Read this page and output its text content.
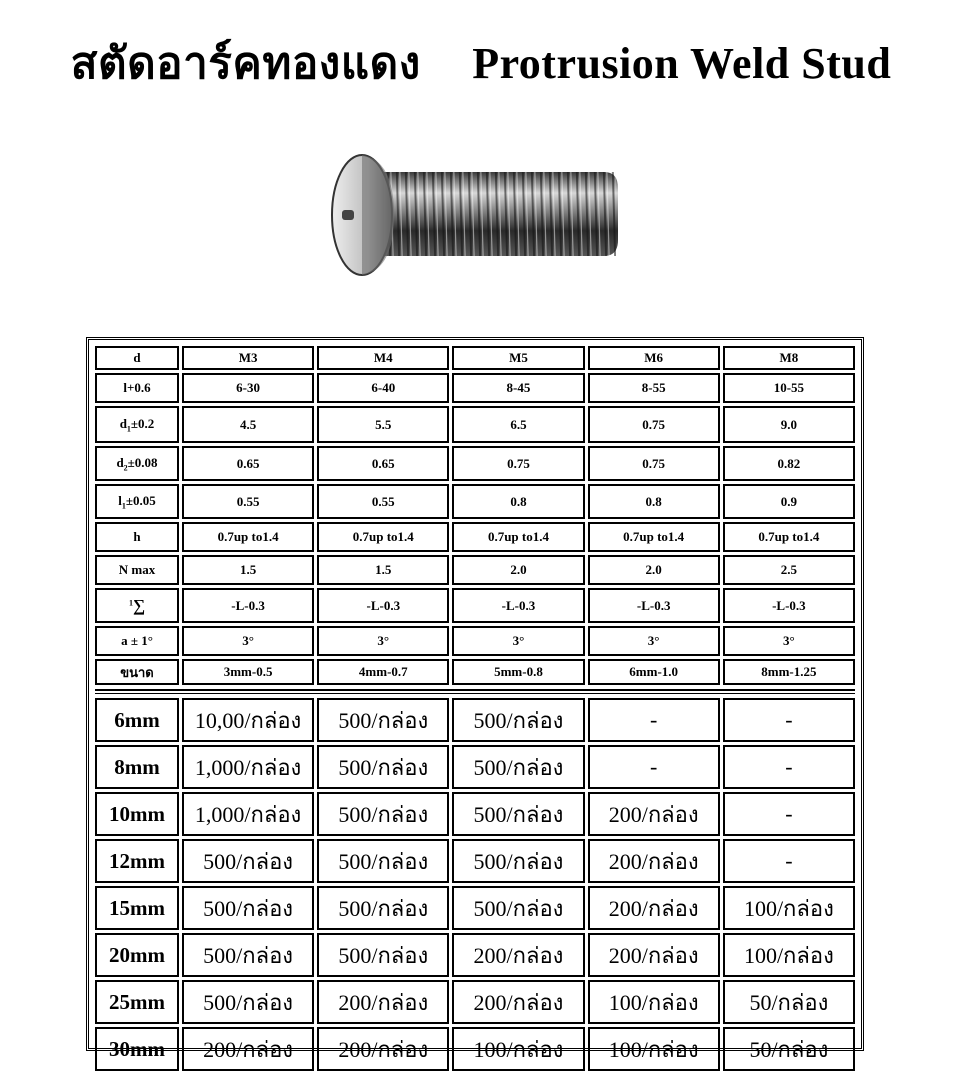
สตัดอาร์คทองแดง Protrusion Weld Stud
d	M3	M4	M5	M6	M8
l+0.6	6-30	6-40	8-45	8-55	10-55
$d_1\pm 0.2$	4.5	5.5	6.5	0.75	9.0
$d_2\pm 0.08$	0.65	0.65	0.75	0.75	0.82
$l_1\pm 0.05$	0.55	0.55	0.8	0.8	0.9
h	0.7up to1.4	0.7up to1.4	0.7up to1.4	0.7up to1.4	0.7up to1.4
N max	1.5	1.5	2.0	2.0	2.5
$^1$∑	-L-0.3	-L-0.3	-L-0.3	-L-0.3	-L-0.3
a ± 1°	3°	3°	3°	3°	3°
ขนาด	3mm-0.5	4mm-0.7	5mm-0.8	6mm-1.0	8mm-1.25
6mm	10,00/กล่อง	500/กล่อง	500/กล่อง	-	-
8mm	1,000/กล่อง	500/กล่อง	500/กล่อง	-	-
10mm	1,000/กล่อง	500/กล่อง	500/กล่อง	200/กล่อง	-
12mm	500/กล่อง	500/กล่อง	500/กล่อง	200/กล่อง	-
15mm	500/กล่อง	500/กล่อง	500/กล่อง	200/กล่อง	100/กล่อง
20mm	500/กล่อง	500/กล่อง	200/กล่อง	200/กล่อง	100/กล่อง
25mm	500/กล่อง	200/กล่อง	200/กล่อง	100/กล่อง	50/กล่อง
30mm	200/กล่อง	200/กล่อง	100/กล่อง	100/กล่อง	50/กล่อง
